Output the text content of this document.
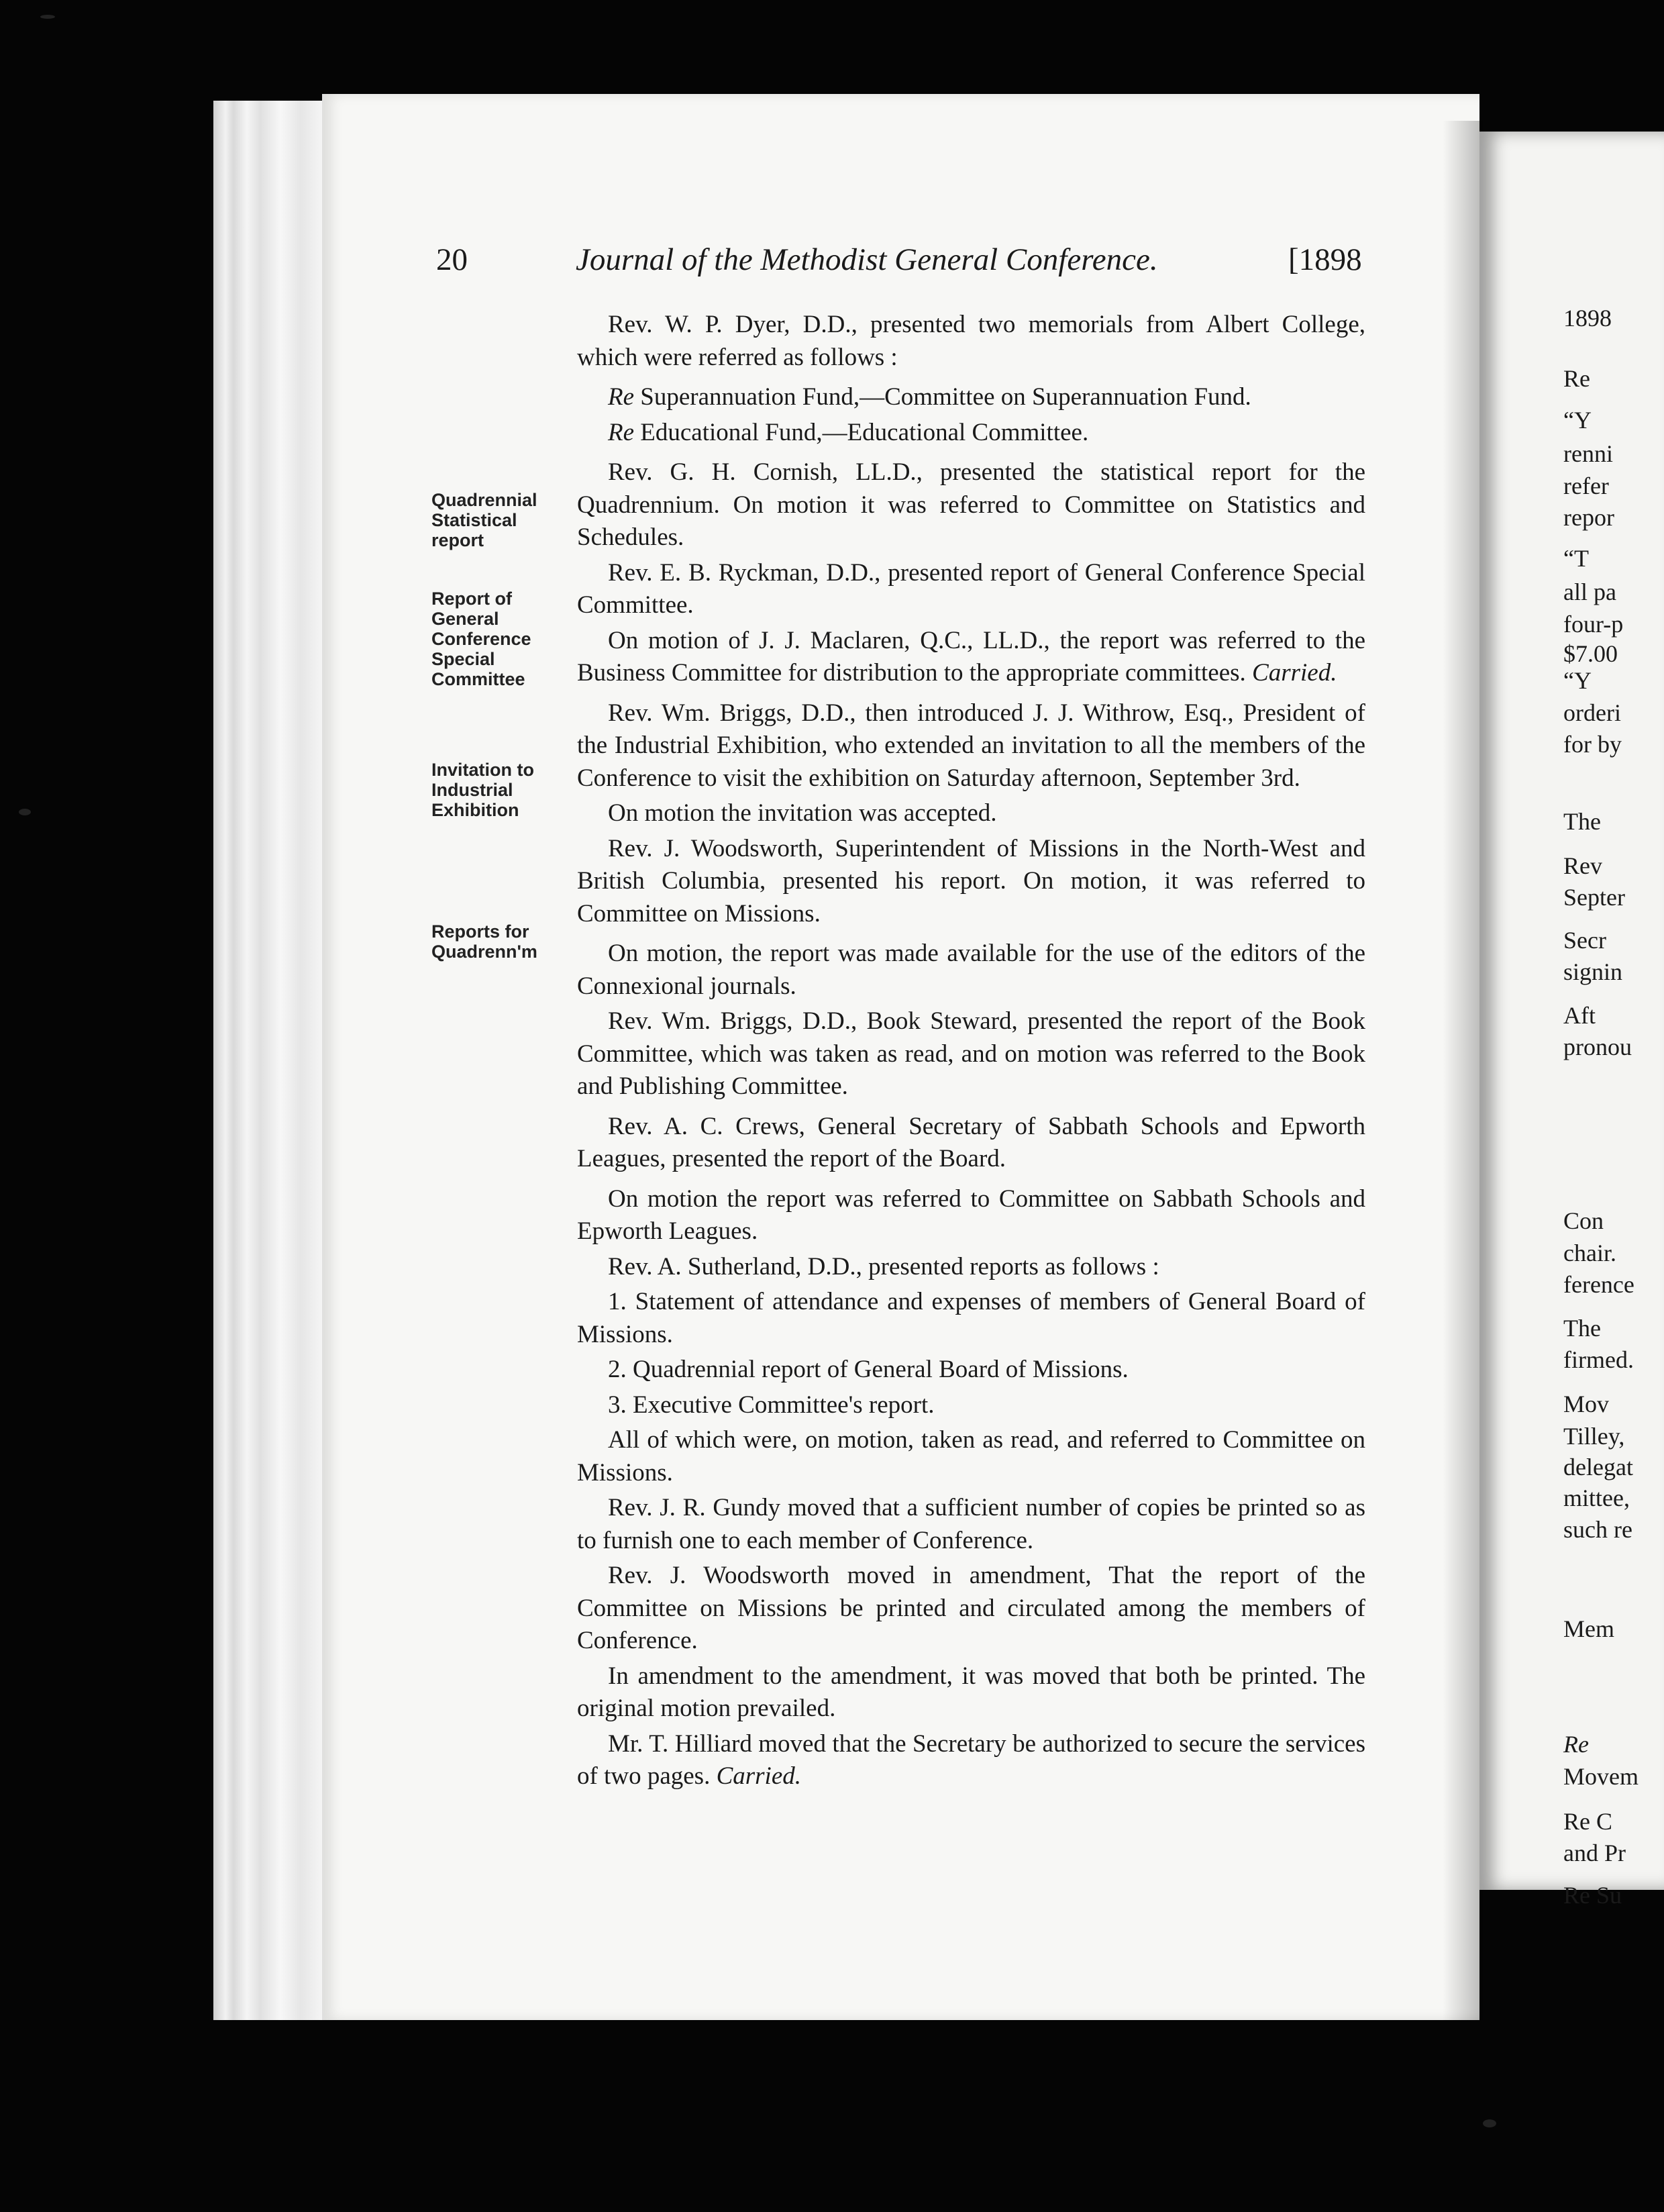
20	Journal of the Methodist General Conference.	[1898
Quadrennial Statistical report
Report of General Conference Special Committee
Invitation to Industrial Exhibition
Reports for Quadrenn'm

Rev. W. P. Dyer, D.D., presented two memorials from Albert College, which were referred as follows :

Re Superannuation Fund,—Committee on Superannuation Fund.

Re Educational Fund,—Educational Committee.

Rev. G. H. Cornish, LL.D., presented the statistical report for the Quadrennium. On motion it was referred to Committee on Statistics and Schedules.

Rev. E. B. Ryckman, D.D., presented report of General Conference Special Committee.

On motion of J. J. Maclaren, Q.C., LL.D., the report was referred to the Business Committee for distribution to the appropriate committees. Carried.

Rev. Wm. Briggs, D.D., then introduced J. J. Withrow, Esq., President of the Industrial Exhibition, who extended an invitation to all the members of the Conference to visit the exhibition on Saturday afternoon, September 3rd.

On motion the invitation was accepted.

Rev. J. Woodsworth, Superintendent of Missions in the North-West and British Columbia, presented his report. On motion, it was referred to Committee on Missions.

On motion, the report was made available for the use of the editors of the Connexional journals.

Rev. Wm. Briggs, D.D., Book Steward, presented the report of the Book Committee, which was taken as read, and on motion was referred to the Book and Publishing Committee.

Rev. A. C. Crews, General Secretary of Sabbath Schools and Epworth Leagues, presented the report of the Board.

On motion the report was referred to Committee on Sabbath Schools and Epworth Leagues.

Rev. A. Sutherland, D.D., presented reports as follows :

1. Statement of attendance and expenses of members of General Board of Missions.

2. Quadrennial report of General Board of Missions.

3. Executive Committee's report.

All of which were, on motion, taken as read, and referred to Committee on Missions.

Rev. J. R. Gundy moved that a sufficient number of copies be printed so as to furnish one to each member of Conference.

Rev. J. Woodsworth moved in amendment, That the report of the Committee on Missions be printed and circulated among the members of Conference.

In amendment to the amendment, it was moved that both be printed. The original motion prevailed.

Mr. T. Hilliard moved that the Secretary be authorized to secure the services of two pages. Carried.

1898
Re
“Y
renni
refer
repor
“T
all pa
four-p
$7.00
“Y
orderi
for by
The
Rev
Septer
Secr
signin
Aft
pronou
Con
chair.
ference
The
firmed.
Mov
Tilley,
delegat
mittee,
such re
Mem
Re
Movem
Re C
and Pr
Re Su
